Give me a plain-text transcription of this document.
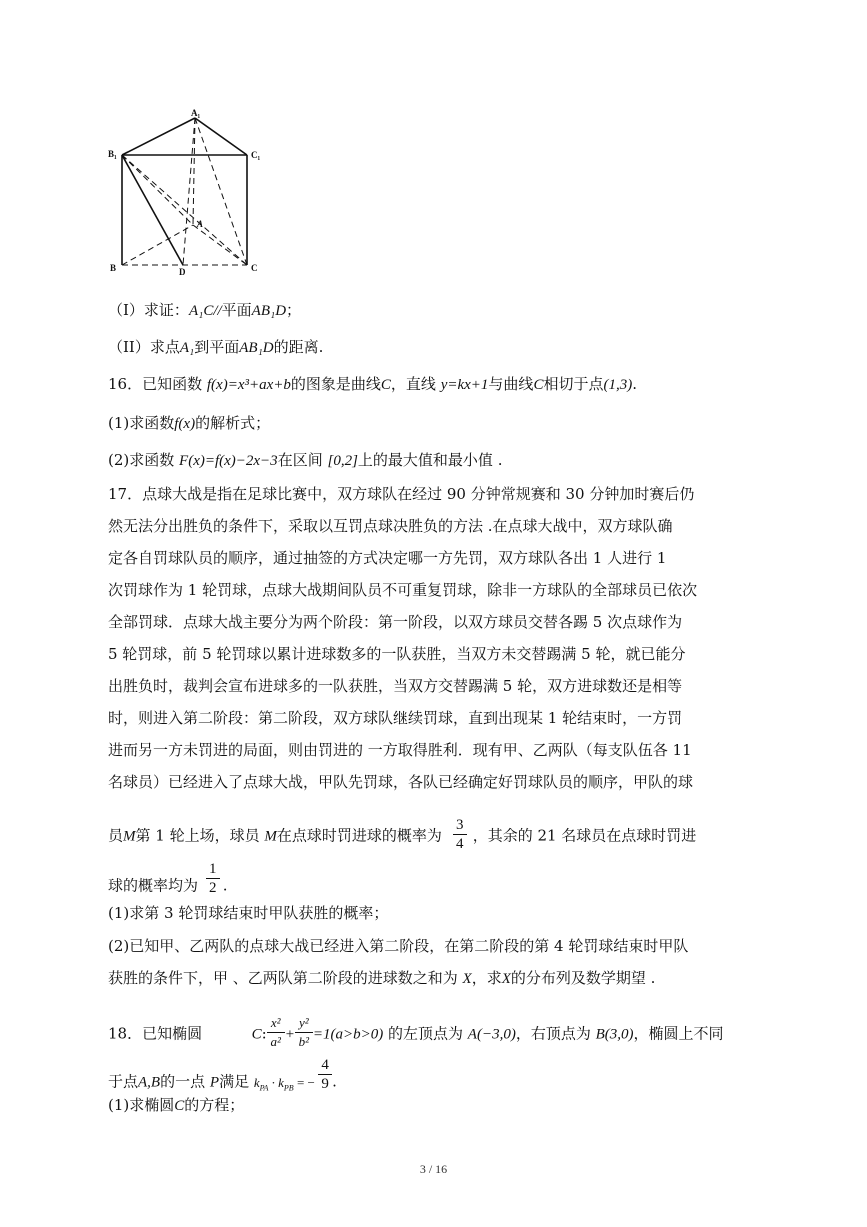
A₁
B₁	C₁
A
B	D	C
（I）求证：A₁C//平面AB₁D；
（II）求点A₁到平面AB₁D的距离.
16．已知函数 f(x)=x³+ax+b的图象是曲线C，直线 y=kx+1与曲线C相切于点(1,3).
(1)求函数f(x)的解析式；
(2)求函数 F(x)=f(x)−2x−3在区间 [0,2]上的最大值和最小值 .
17．点球大战是指在足球比赛中，双方球队在经过 90 分钟常规赛和 30 分钟加时赛后仍
然无法分出胜负的条件下，采取以互罚点球决胜负的方法 .在点球大战中，双方球队确
定各自罚球队员的顺序，通过抽签的方式决定哪一方先罚，双方球队各出 1 人进行 1
次罚球作为 1 轮罚球，点球大战期间队员不可重复罚球，除非一方球队的全部球员已依次
全部罚球．点球大战主要分为两个阶段：第一阶段，以双方球员交替各踢 5 次点球作为
5 轮罚球，前 5 轮罚球以累计进球数多的一队获胜，当双方未交替踢满 5 轮，就已能分
出胜负时，裁判会宣布进球多的一队获胜，当双方交替踢满 5 轮，双方进球数还是相等
时，则进入第二阶段：第二阶段，双方球队继续罚球，直到出现某 1 轮结束时，一方罚
进而另一方未罚进的局面，则由罚进的 一方取得胜利．现有甲、乙两队（每支队伍各 11
名球员）已经进入了点球大战，甲队先罚球，各队已经确定好罚球队员的顺序，甲队的球
员M第 1 轮上场，球员 M在点球时罚进球的概率为 $\frac{3}{4}$ ，其余的 21 名球员在点球时罚进
球的概率均为 $\frac{1}{2}$ .
(1)求第 3 轮罚球结束时甲队获胜的概率；
(2)已知甲、乙两队的点球大战已经进入第二阶段，在第二阶段的第 4 轮罚球结束时甲队
获胜的条件下，甲 、乙两队第二阶段的进球数之和为 X，求X的分布列及数学期望 .
18．已知椭圆	C: $\frac{\text{x²}}{\text{a²}} + \frac{\text{y²}}{\text{b²}} =1(a>b>0)$ 的左顶点为 A(−3,0)，右顶点为 B(3,0)，椭圆上不同
于点A,B的一点 P满足 $k_{PA} \cdot k_{PB}$ = − $\frac{4}{9}$ .
(1)求椭圆C的方程；
3 / 16
